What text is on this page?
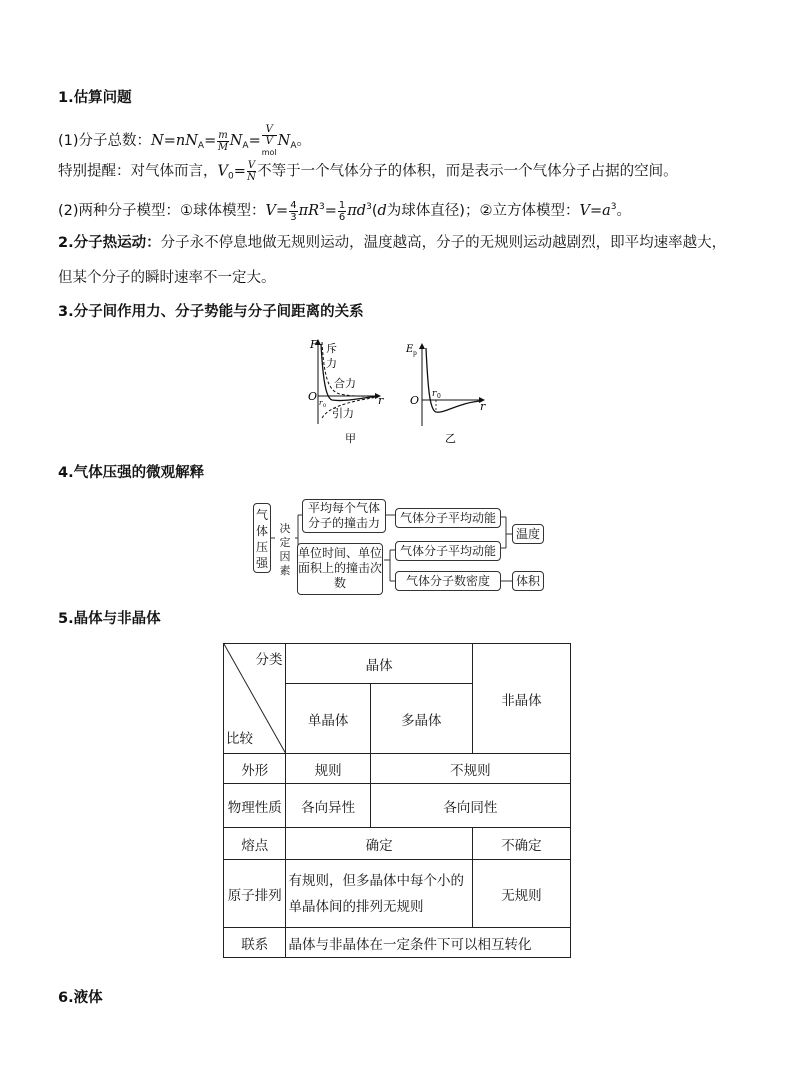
1.估算问题
(1)分子总数：$N=nN_A= \frac{m}{M} N_A= V$
V
mol $N_A$。
特别提醒：对气体而言，$V_0= \frac{V}{N}$ 不等于一个气体分子的体积，而是表示一个气体分子占据的空间。
(2)两种分子模型：①球体模型：$V= \frac{4}{3} \pi R^3= \frac{1}{6} \pi d^3(d$为球体直径)；②立方体模型：$V=a^3$。
2.分子热运动：分子永不停息地做无规则运动，温度越高，分子的无规则运动越剧烈，即平均速率越大，
但某个分子的瞬时速率不一定大。
3.分子间作用力、分子势能与分子间距离的关系
F
O	r
r 0
斥
力
合力
引力
甲
E p
O	r
r 0
乙
4.气体压强的微观解释
气体压强
决定因素
平均每个气体分子的撞击力	气体分子平均动能
温度
单位时间、单位面积上的撞击次数
气体分子平均动能
气体分子数密度	体积
5.晶体与非晶体
分类
比较	晶体		非晶体
	单晶体	多晶体	
外形	规则	不规则	
物理性质	各向异性	各向同性	
熔点	确定		不确定
原子排列	有规则，但多晶体中每个小的单晶体间的排列无规则		无规则
联系	晶体与非晶体在一定条件下可以相互转化		
6.液体
